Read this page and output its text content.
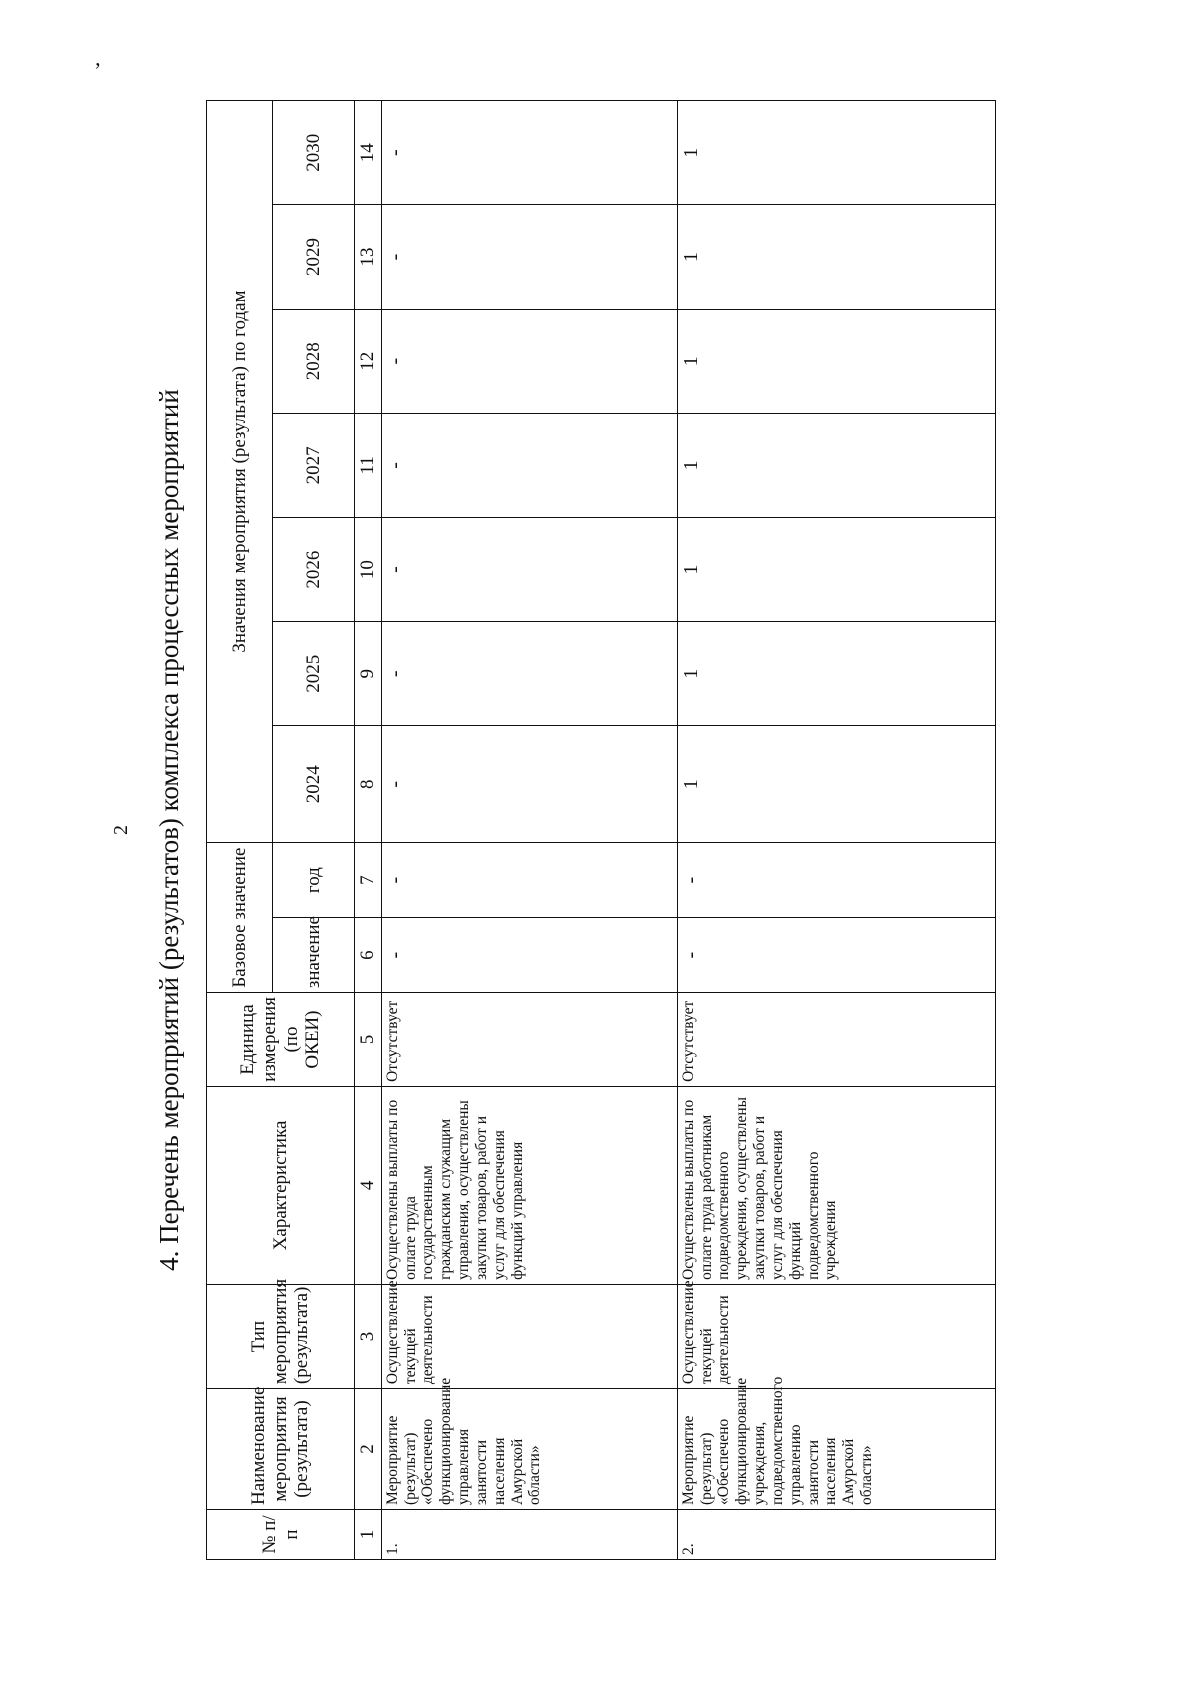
ʼ
2 4. Перечень мероприятий (результатов) комплекса процессных мероприятий
№ п/п	Наименование мероприятия (результата)	Тип мероприятия (результата)	Характеристика	Единица измерения (по ОКЕИ)	Базовое значение		Значения мероприятия (результата) по годам						
					значение	год	2024	2025	2026	2027	2028	2029	2030
1	2	3	4	5	6	7	8	9	10	11	12	13	14
1.	Мероприятие (результат) «Обеспечено функционирование управления занятости населения Амурской области»	Осуществление текущей деятельности	Осуществлены выплаты по оплате труда государственным гражданским служащим управления, осуществлены закупки товаров, работ и услуг для обеспечения функций управления	Отсутствует	-	-	-	-	-	-	-	-	-
2.	Мероприятие (результат) «Обеспечено функционирование учреждения, подведомственного управлению занятости населения Амурской области»	Осуществление текущей деятельности	Осуществлены выплаты по оплате труда работникам подведомственного учреждения, осуществлены закупки товаров, работ и услуг для обеспечения функций подведомственного учреждения	Отсутствует	-	-	1	1	1	1	1	1	1
